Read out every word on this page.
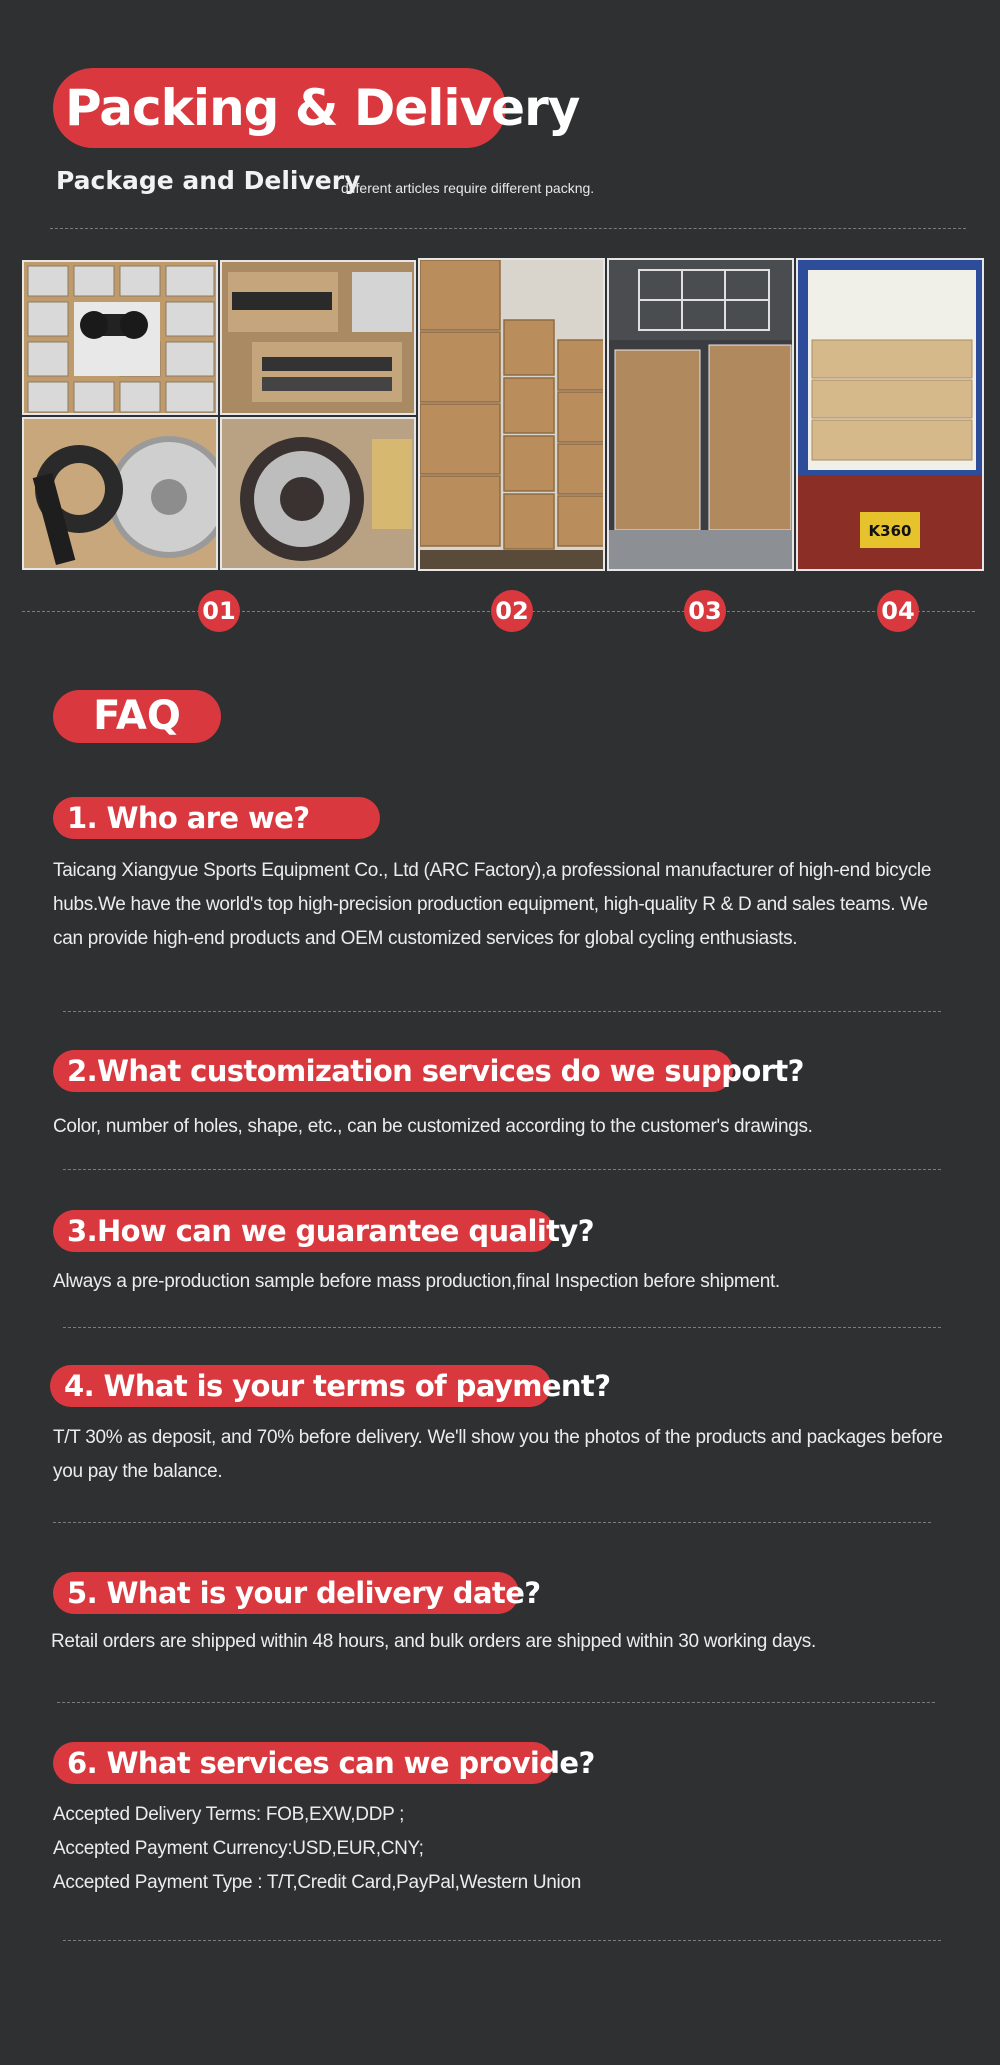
Packing & Delivery
Package and Delivery
different articles require different packng.
K360
01	02	03	04
FAQ
1. Who are we?

Taicang Xiangyue Sports Equipment Co., Ltd (ARC Factory),a professional manufacturer of high-end bicycle hubs.We have the world's top high-precision production equipment, high-quality R & D and sales teams. We can provide high-end products and OEM customized services for global cycling enthusiasts.

2.What customization services do we support?

Color, number of holes, shape, etc., can be customized according to the customer's drawings.

3.How can we guarantee quality?

Always a pre-production sample before mass production,final Inspection before shipment.

4. What is your terms of payment?

T/T 30% as deposit, and 70% before delivery. We'll show you the photos of the products and packages before you pay the balance.

5. What is your delivery date?

Retail orders are shipped within 48 hours, and bulk orders are shipped within 30 working days.

6. What services can we provide?

Accepted Delivery Terms: FOB,EXW,DDP ;

Accepted Payment Currency:USD,EUR,CNY;

Accepted Payment Type : T/T,Credit Card,PayPal,Western Union
